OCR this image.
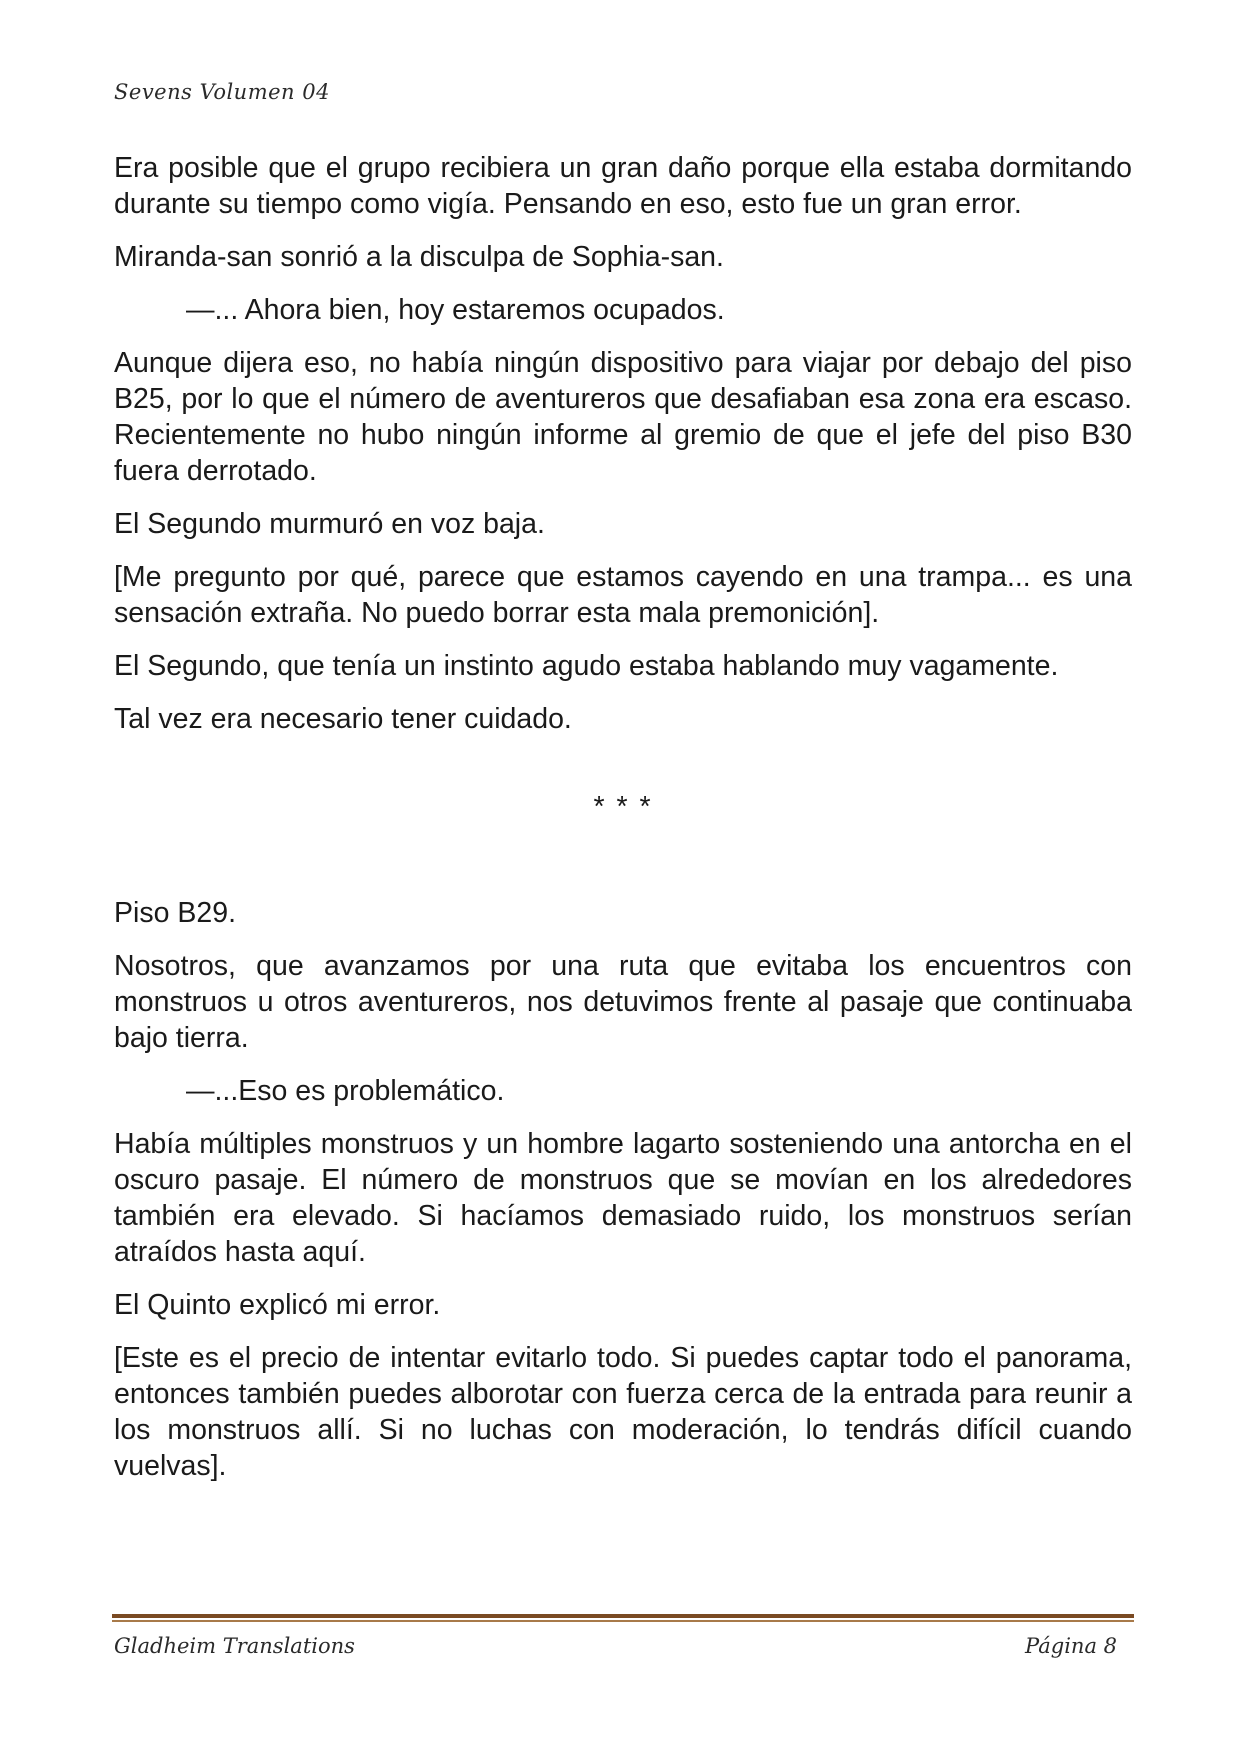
Sevens Volumen 04

Era posible que el grupo recibiera un gran daño porque ella estaba dormitando durante su tiempo como vigía. Pensando en eso, esto fue un gran error.

Miranda-san sonrió a la disculpa de Sophia-san.

—... Ahora bien, hoy estaremos ocupados.

Aunque dijera eso, no había ningún dispositivo para viajar por debajo del piso B25, por lo que el número de aventureros que desafiaban esa zona era escaso. Recientemente no hubo ningún informe al gremio de que el jefe del piso B30 fuera derrotado.

El Segundo murmuró en voz baja.

[Me pregunto por qué, parece que estamos cayendo en una trampa... es una sensación extraña. No puedo borrar esta mala premonición].

El Segundo, que tenía un instinto agudo estaba hablando muy vagamente.

Tal vez era necesario tener cuidado.

* * *

Piso B29.

Nosotros, que avanzamos por una ruta que evitaba los encuentros con monstruos u otros aventureros, nos detuvimos frente al pasaje que continuaba bajo tierra.

—...Eso es problemático.

Había múltiples monstruos y un hombre lagarto sosteniendo una antorcha en el oscuro pasaje. El número de monstruos que se movían en los alrededores también era elevado. Si hacíamos demasiado ruido, los monstruos serían atraídos hasta aquí.

El Quinto explicó mi error.

[Este es el precio de intentar evitarlo todo. Si puedes captar todo el panorama, entonces también puedes alborotar con fuerza cerca de la entrada para reunir a los monstruos allí. Si no luchas con moderación, lo tendrás difícil cuando vuelvas].

Gladheim Translations	Página 8
